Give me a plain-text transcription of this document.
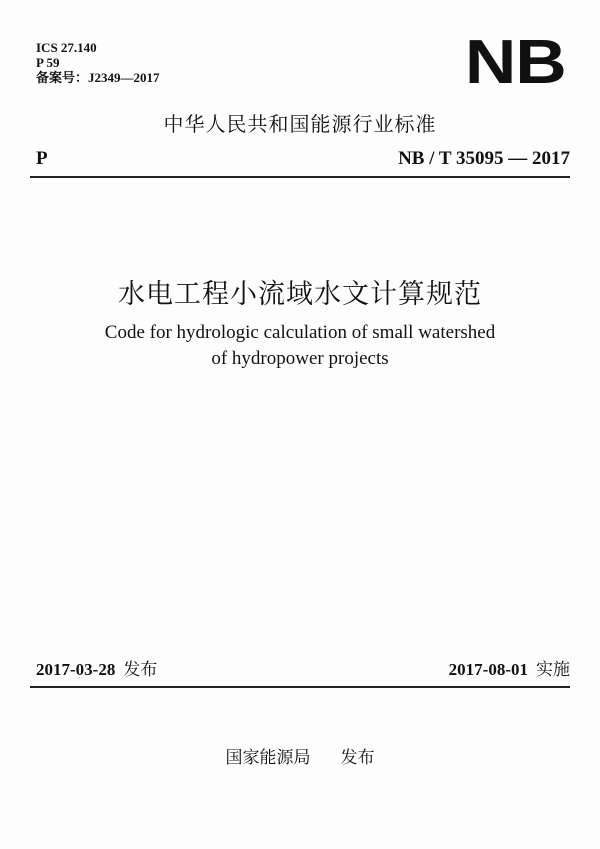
ICS 27.140
P 59
备案号：J2349—2017	NB
中华人民共和国能源行业标准
P	NB / T 35095 — 2017
水电工程小流域水文计算规范
Code for hydrologic calculation of small watershed
of hydropower projects
2017-03-28 发布	2017-08-01 实施
国家能源局 发布
